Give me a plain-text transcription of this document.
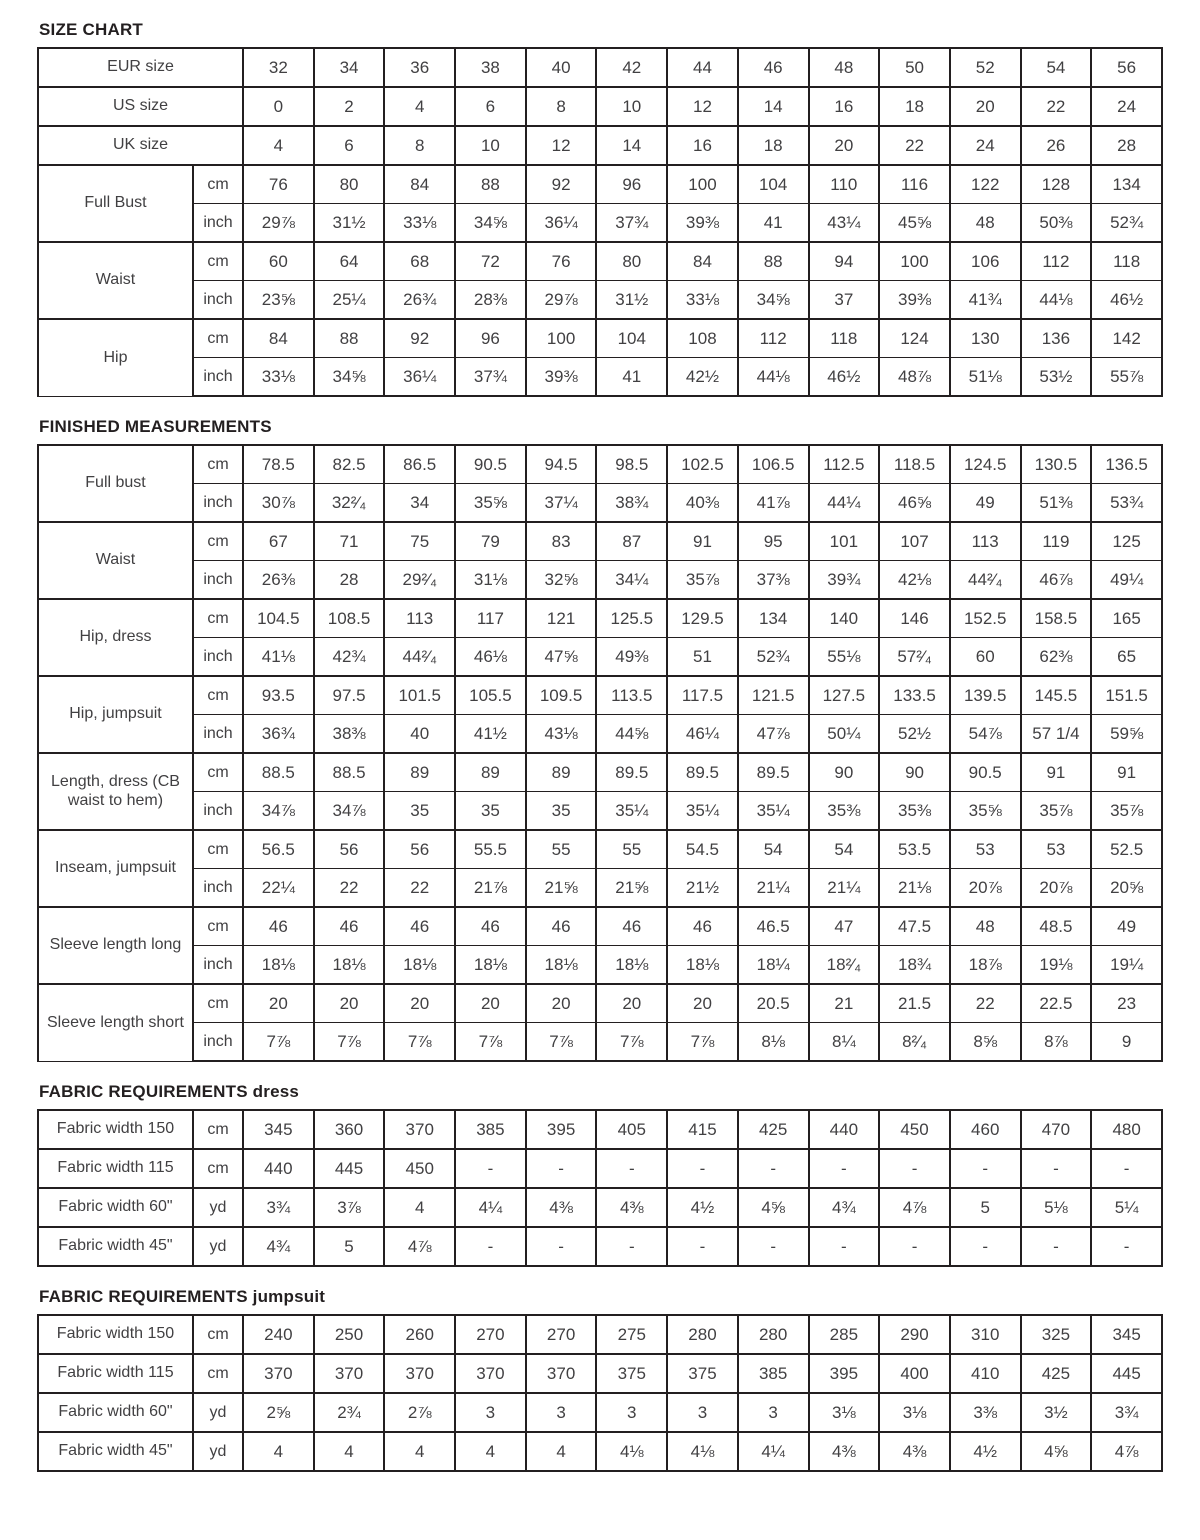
SIZE CHART
EUR size		32	34	36	38	40	42	44	46	48	50	52	54	56
US size		0	2	4	6	8	10	12	14	16	18	20	22	24
UK size		4	6	8	10	12	14	16	18	20	22	24	26	28
Full Bust	cm	76	80	84	88	92	96	100	104	110	116	122	128	134
	inch	29⅞	31½	33⅛	34⅝	36¼	37¾	39⅜	41	43¼	45⅝	48	50⅜	52¾
Waist	cm	60	64	68	72	76	80	84	88	94	100	106	112	118
	inch	23⅝	25¼	26¾	28⅜	29⅞	31½	33⅛	34⅝	37	39⅜	41¾	44⅛	46½
Hip	cm	84	88	92	96	100	104	108	112	118	124	130	136	142
	inch	33⅛	34⅝	36¼	37¾	39⅜	41	42½	44⅛	46½	48⅞	51⅛	53½	55⅞
FINISHED MEASUREMENTS
Full bust	cm	78.5	82.5	86.5	90.5	94.5	98.5	102.5	106.5	112.5	118.5	124.5	130.5	136.5
	inch	30⅞	32²⁄₄	34	35⅝	37¼	38¾	40⅜	41⅞	44¼	46⅝	49	51⅜	53¾
Waist	cm	67	71	75	79	83	87	91	95	101	107	113	119	125
	inch	26⅜	28	29²⁄₄	31⅛	32⅝	34¼	35⅞	37⅜	39¾	42⅛	44²⁄₄	46⅞	49¼
Hip, dress	cm	104.5	108.5	113	117	121	125.5	129.5	134	140	146	152.5	158.5	165
	inch	41⅛	42¾	44²⁄₄	46⅛	47⅝	49⅜	51	52¾	55⅛	57²⁄₄	60	62⅜	65
Hip, jumpsuit	cm	93.5	97.5	101.5	105.5	109.5	113.5	117.5	121.5	127.5	133.5	139.5	145.5	151.5
	inch	36¾	38⅜	40	41½	43⅛	44⅝	46¼	47⅞	50¼	52½	54⅞	57 1/4	59⅝
Length, dress (CB waist to hem)	cm	88.5	88.5	89	89	89	89.5	89.5	89.5	90	90	90.5	91	91
	inch	34⅞	34⅞	35	35	35	35¼	35¼	35¼	35⅜	35⅜	35⅝	35⅞	35⅞
Inseam, jumpsuit	cm	56.5	56	56	55.5	55	55	54.5	54	54	53.5	53	53	52.5
	inch	22¼	22	22	21⅞	21⅝	21⅝	21½	21¼	21¼	21⅛	20⅞	20⅞	20⅝
Sleeve length long	cm	46	46	46	46	46	46	46	46.5	47	47.5	48	48.5	49
	inch	18⅛	18⅛	18⅛	18⅛	18⅛	18⅛	18⅛	18¼	18²⁄₄	18¾	18⅞	19⅛	19¼
Sleeve length short	cm	20	20	20	20	20	20	20	20.5	21	21.5	22	22.5	23
	inch	7⅞	7⅞	7⅞	7⅞	7⅞	7⅞	7⅞	8⅛	8¼	8²⁄₄	8⅝	8⅞	9
FABRIC REQUIREMENTS dress
Fabric width 150	cm	345	360	370	385	395	405	415	425	440	450	460	470	480
Fabric width 115	cm	440	445	450	-	-	-	-	-	-	-	-	-	-
Fabric width 60"	yd	3¾	3⅞	4	4¼	4⅜	4⅜	4½	4⅝	4¾	4⅞	5	5⅛	5¼
Fabric width 45"	yd	4¾	5	4⅞	-	-	-	-	-	-	-	-	-	-
FABRIC REQUIREMENTS jumpsuit
Fabric width 150	cm	240	250	260	270	270	275	280	280	285	290	310	325	345
Fabric width 115	cm	370	370	370	370	370	375	375	385	395	400	410	425	445
Fabric width 60"	yd	2⅝	2¾	2⅞	3	3	3	3	3	3⅛	3⅛	3⅜	3½	3¾
Fabric width 45"	yd	4	4	4	4	4	4⅛	4⅛	4¼	4⅜	4⅜	4½	4⅝	4⅞
